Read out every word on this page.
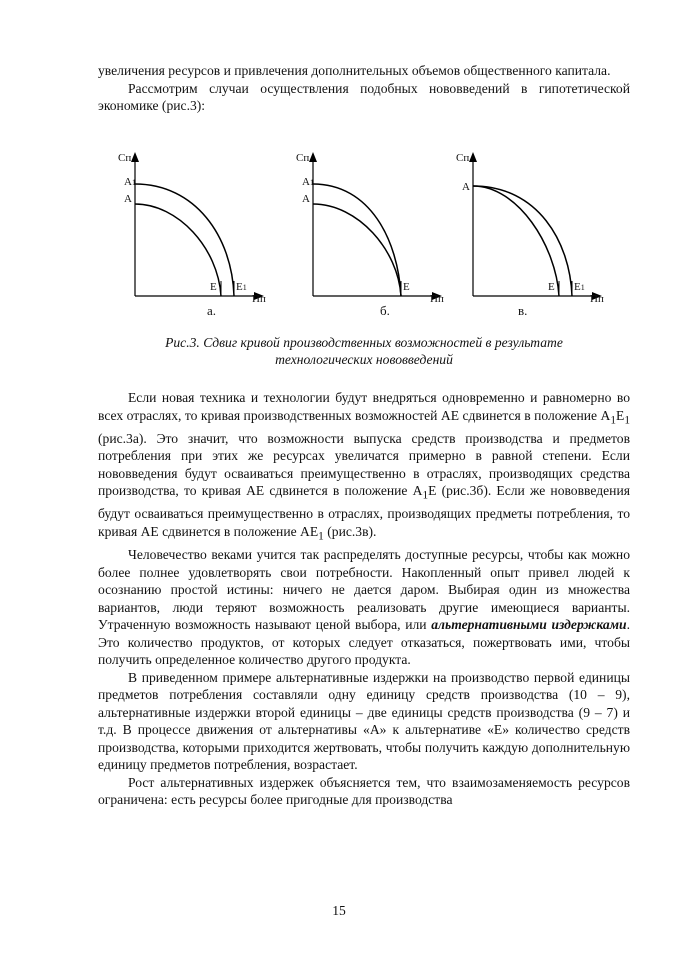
увеличения ресурсов и привлечения дополнительных объемов общественного капитала.

Рассмотрим случаи осуществления подобных нововведений в гипотетической экономике (рис.3):

Сп
А1
А
Е Е1
Пп
а.
Сп
А1
А
Е
Пп
б.
Сп
А
Е Е1
Пп
в.
Рис.3. Сдвиг кривой производственных возможностей в результате
технологических нововведений

Если новая техника и технологии будут внедряться одновременно и равномерно во всех отраслях, то кривая производственных возможностей АЕ сдвинется в положение $А_1Е_1$ (рис.3а). Это значит, что возможности выпуска средств производства и предметов потребления при этих же ресурсах увеличатся примерно в равной степени. Если нововведения будут осваиваться преимущественно в отраслях, производящих средства производства, то кривая АЕ сдвинется в положение $А_1Е$ (рис.3б). Если же нововведения будут осваиваться преимущественно в отраслях, производящих предметы потребления, то кривая АЕ сдвинется в положение $АЕ_1$ (рис.3в).

Человечество веками учится так распределять доступные ресурсы, чтобы как можно более полнее удовлетворять свои потребности. Накопленный опыт привел людей к осознанию простой истины: ничего не дается даром. Выбирая один из множества вариантов, люди теряют возможность реализовать другие имеющиеся варианты. Утраченную возможность называют ценой выбора, или альтернативными издержками. Это количество продуктов, от которых следует отказаться, пожертвовать ими, чтобы получить определенное количество другого продукта.

В приведенном примере альтернативные издержки на производство первой единицы предметов потребления составляли одну единицу средств производства (10 – 9), альтернативные издержки второй единицы – две единицы средств производства (9 – 7) и т.д. В процессе движения от альтернативы «А» к альтернативе «Е» количество средств производства, которыми приходится жертвовать, чтобы получить каждую дополнительную единицу предметов потребления, возрастает.

Рост альтернативных издержек объясняется тем, что взаимозаменяемость ресурсов ограничена: есть ресурсы более пригодные для производства

15
